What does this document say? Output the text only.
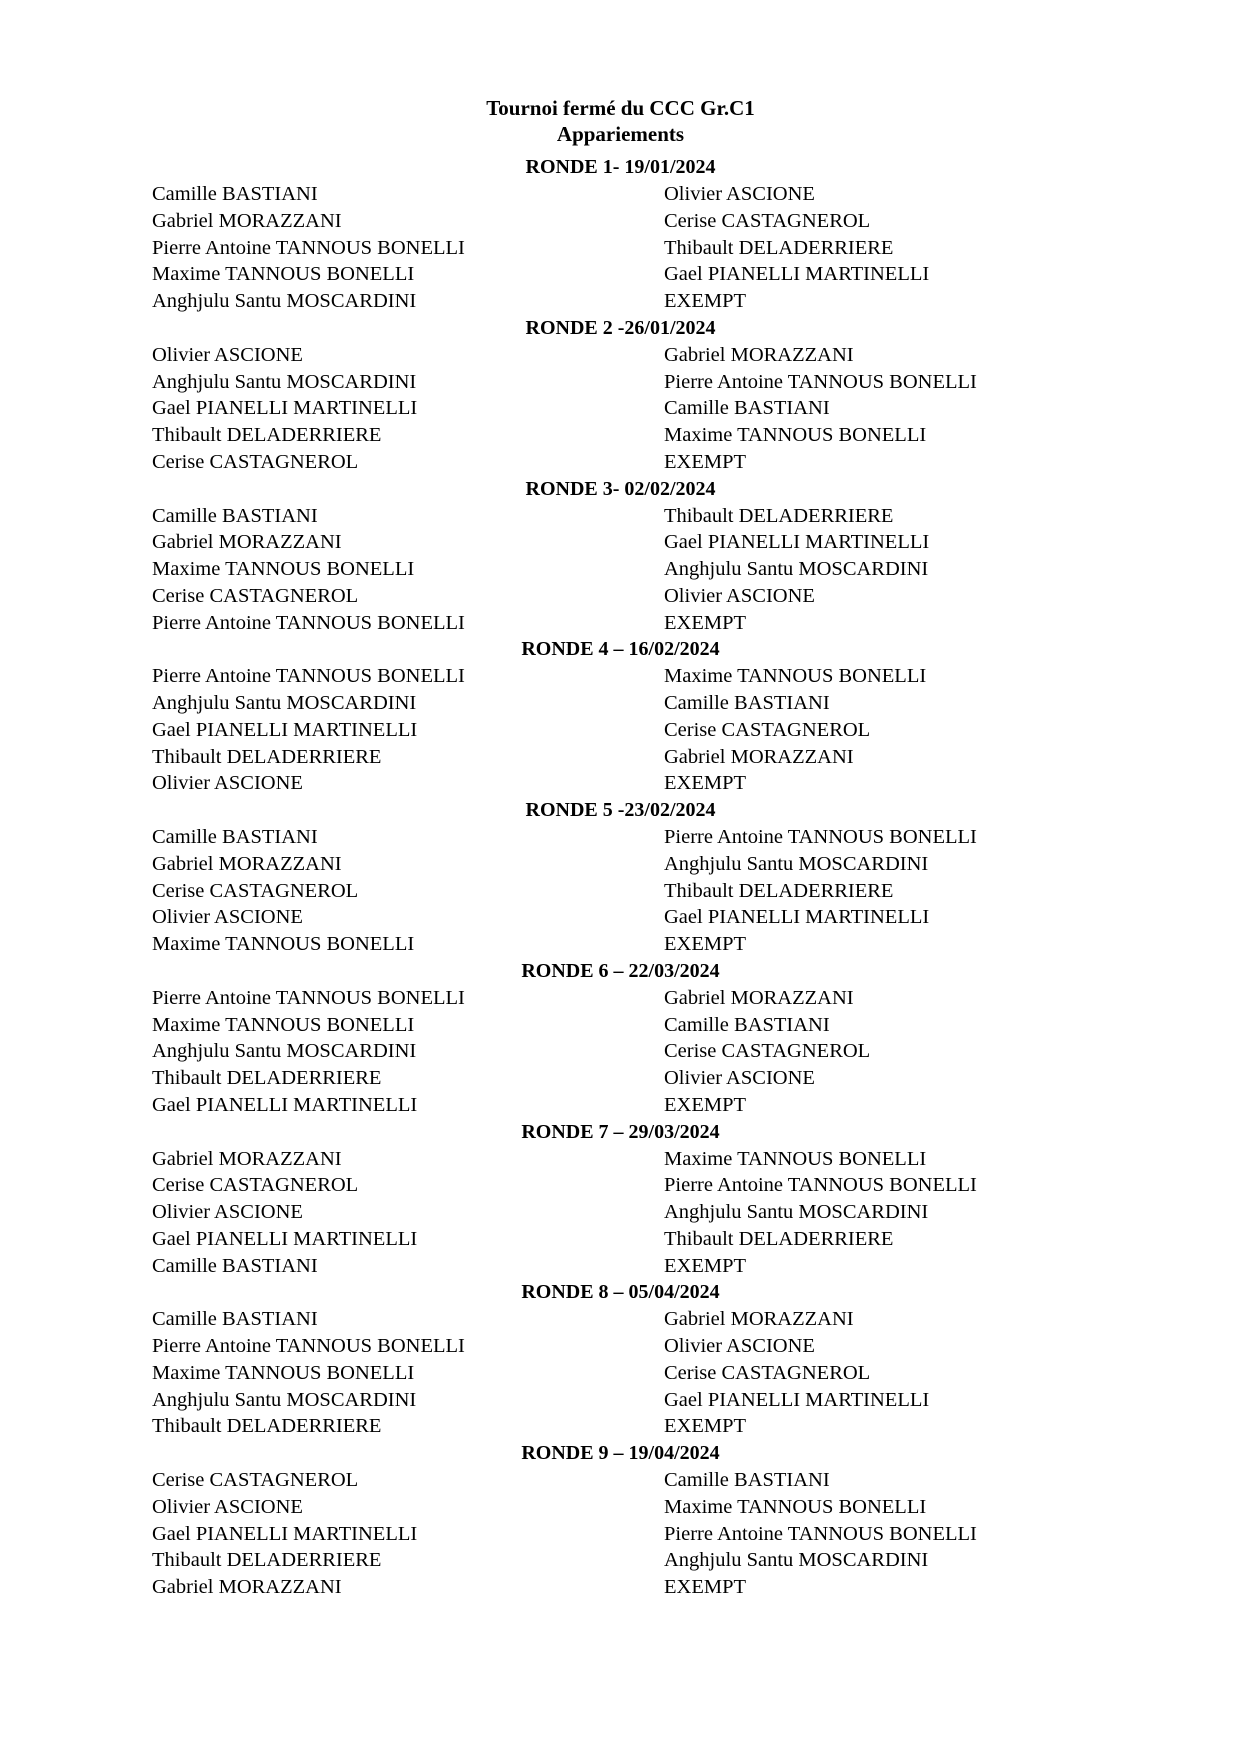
Tournoi fermé du CCC Gr.C1
Appariements
RONDE 1- 19/01/2024
Camille BASTIANI	Olivier ASCIONE
Gabriel MORAZZANI	Cerise CASTAGNEROL
Pierre Antoine TANNOUS BONELLI	Thibault DELADERRIERE
Maxime TANNOUS BONELLI	Gael PIANELLI MARTINELLI
Anghjulu Santu MOSCARDINI	EXEMPT
RONDE 2 -26/01/2024
Olivier ASCIONE	Gabriel MORAZZANI
Anghjulu Santu MOSCARDINI	Pierre Antoine TANNOUS BONELLI
Gael PIANELLI MARTINELLI	Camille BASTIANI
Thibault DELADERRIERE	Maxime TANNOUS BONELLI
Cerise CASTAGNEROL	EXEMPT
RONDE 3- 02/02/2024
Camille BASTIANI	Thibault DELADERRIERE
Gabriel MORAZZANI	Gael PIANELLI MARTINELLI
Maxime TANNOUS BONELLI	Anghjulu Santu MOSCARDINI
Cerise CASTAGNEROL	Olivier ASCIONE
Pierre Antoine TANNOUS BONELLI	EXEMPT
RONDE 4 – 16/02/2024
Pierre Antoine TANNOUS BONELLI	Maxime TANNOUS BONELLI
Anghjulu Santu MOSCARDINI	Camille BASTIANI
Gael PIANELLI MARTINELLI	Cerise CASTAGNEROL
Thibault DELADERRIERE	Gabriel MORAZZANI
Olivier ASCIONE	EXEMPT
RONDE 5 -23/02/2024
Camille BASTIANI	Pierre Antoine TANNOUS BONELLI
Gabriel MORAZZANI	Anghjulu Santu MOSCARDINI
Cerise CASTAGNEROL	Thibault DELADERRIERE
Olivier ASCIONE	Gael PIANELLI MARTINELLI
Maxime TANNOUS BONELLI	EXEMPT
RONDE 6 – 22/03/2024
Pierre Antoine TANNOUS BONELLI	Gabriel MORAZZANI
Maxime TANNOUS BONELLI	Camille BASTIANI
Anghjulu Santu MOSCARDINI	Cerise CASTAGNEROL
Thibault DELADERRIERE	Olivier ASCIONE
Gael PIANELLI MARTINELLI	EXEMPT
RONDE 7 – 29/03/2024
Gabriel MORAZZANI	Maxime TANNOUS BONELLI
Cerise CASTAGNEROL	Pierre Antoine TANNOUS BONELLI
Olivier ASCIONE	Anghjulu Santu MOSCARDINI
Gael PIANELLI MARTINELLI	Thibault DELADERRIERE
Camille BASTIANI	EXEMPT
RONDE 8 – 05/04/2024
Camille BASTIANI	Gabriel MORAZZANI
Pierre Antoine TANNOUS BONELLI	Olivier ASCIONE
Maxime TANNOUS BONELLI	Cerise CASTAGNEROL
Anghjulu Santu MOSCARDINI	Gael PIANELLI MARTINELLI
Thibault DELADERRIERE	EXEMPT
RONDE 9 – 19/04/2024
Cerise CASTAGNEROL	Camille BASTIANI
Olivier ASCIONE	Maxime TANNOUS BONELLI
Gael PIANELLI MARTINELLI	Pierre Antoine TANNOUS BONELLI
Thibault DELADERRIERE	Anghjulu Santu MOSCARDINI
Gabriel MORAZZANI	EXEMPT
